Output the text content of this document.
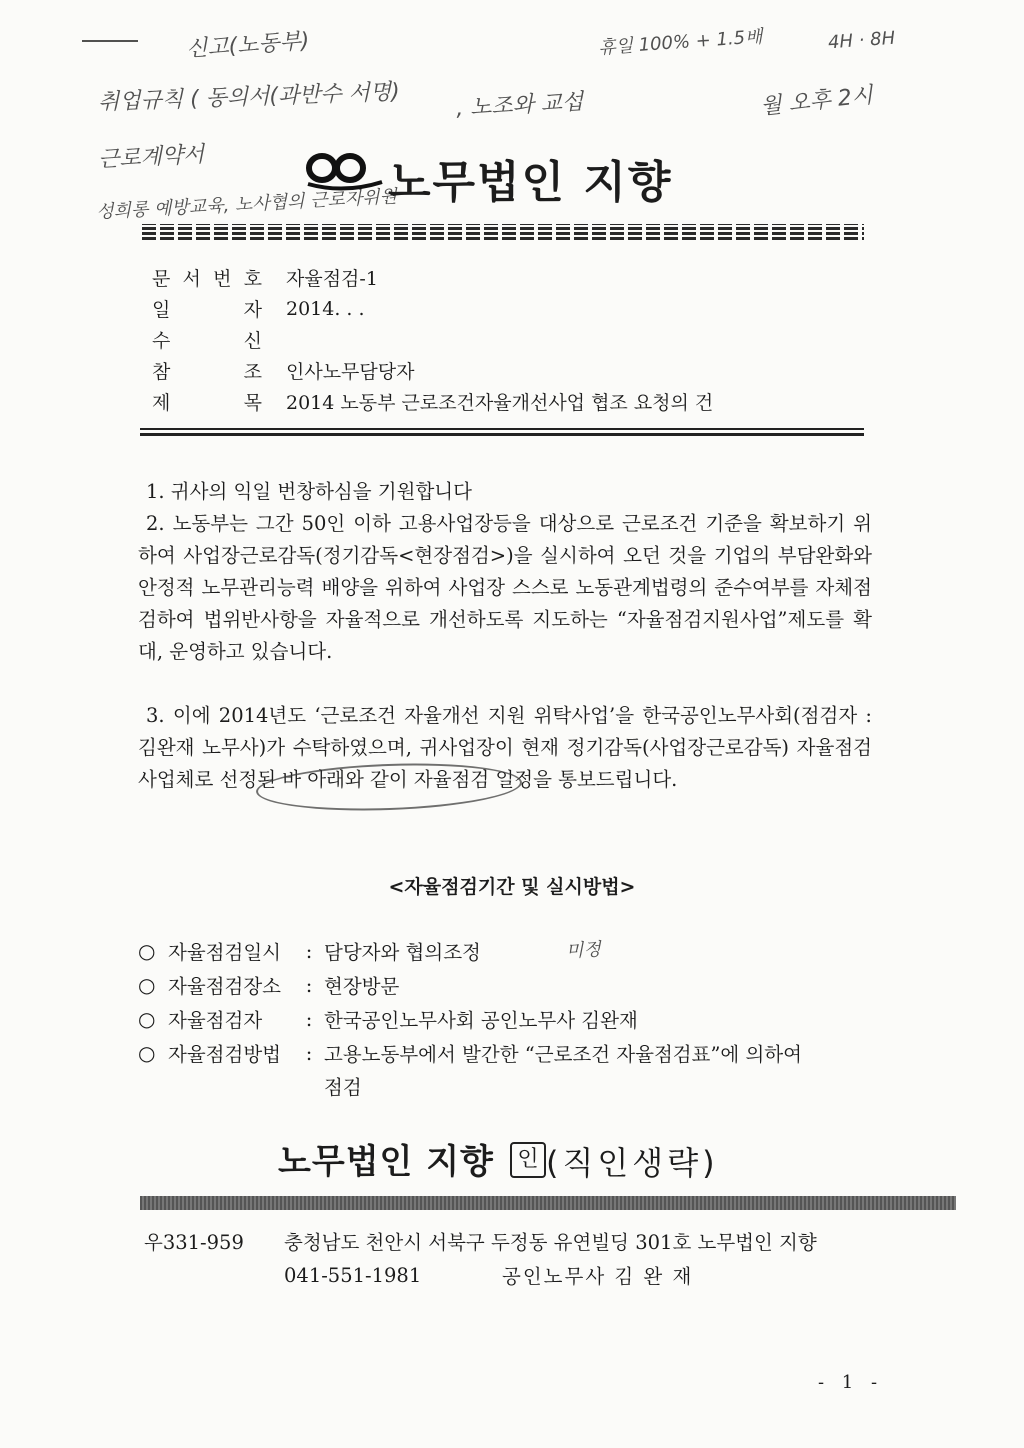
신고(노동부)
취업규칙 ( 동의서(과반수 서명)	, 노조와 교섭
근로계약서
성희롱 예방교육, 노사협의 근로자위원
휴일 100% + 1.5배	4H · 8H
월 오후 2시
미정
노무법인 지향
문 서 번 호 자율점검-1
일	자 2014. . .
수	신
참	조 인사노무담당자
제	목 2014 노동부 근로조건자율개선사업 협조 요청의 건

1. 귀사의 익일 번창하심을 기원합니다

2. 노동부는 그간 50인 이하 고용사업장등을 대상으로 근로조건 기준을 확보하기 위하여 사업장근로감독(정기감독<현장점검>)을 실시하여 오던 것을 기업의 부담완화와 안정적 노무관리능력 배양을 위하여 사업장 스스로 노동관계법령의 준수여부를 자체점검하여 법위반사항을 자율적으로 개선하도록 지도하는 “자율점검지원사업”제도를 확대, 운영하고 있습니다.

3. 이에 2014년도 ‘근로조건 자율개선 지원 위탁사업’을 한국공인노무사회(점검자 : 김완재 노무사)가 수탁하였으며, 귀사업장이 현재 정기감독(사업장근로감독) 자율점검 사업체로 선정된 바 아래와 같이 자율점검 일정을 통보드립니다.

<자율점검기간 및 실시방법>
○ 자율점검일시	: 담당자와 협의조정
○ 자율점검장소	: 현장방문
○ 자율점검자	: 한국공인노무사회 공인노무사 김완재
○ 자율점검방법	: 고용노동부에서 발간한 “근로조건 자율점검표”에 의하여
점검
노무법인 지향	인 (직인생략)
우331-959	충청남도 천안시 서북구 두정동 유연빌딩 301호 노무법인 지향
041-551-1981	공인노무사 김 완 재
- 1 -
